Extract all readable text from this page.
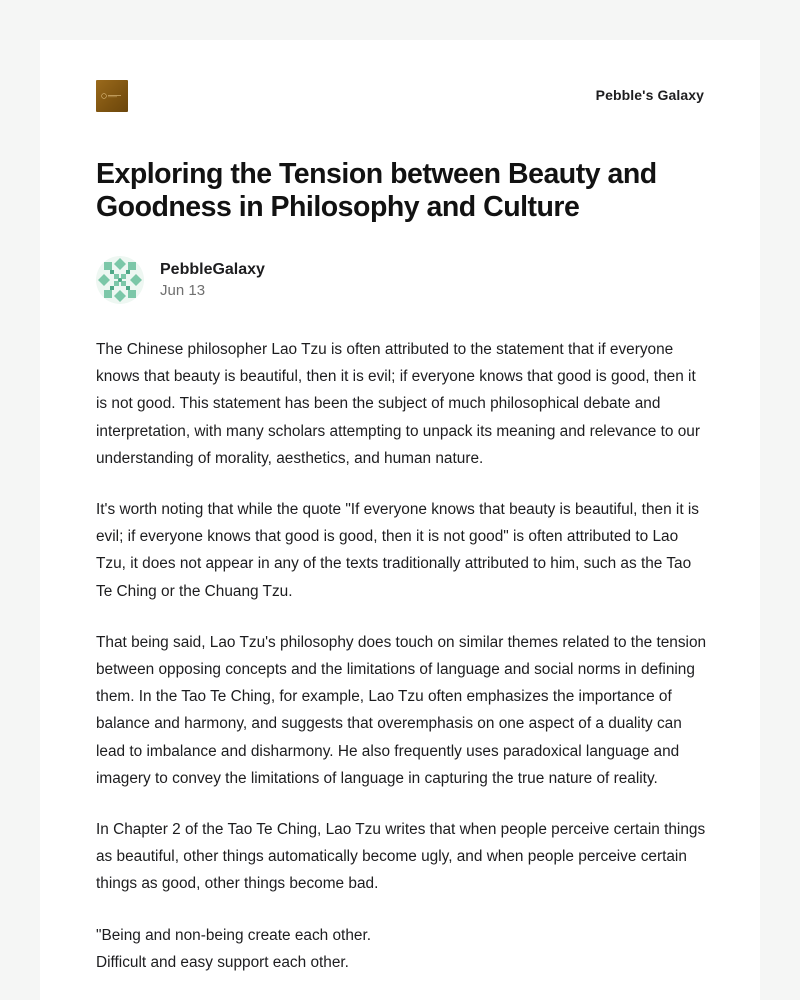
Pebble's Galaxy
Exploring the Tension between Beauty and Goodness in Philosophy and Culture
PebbleGalaxy
Jun 13

The Chinese philosopher Lao Tzu is often attributed to the statement that if everyone knows that beauty is beautiful, then it is evil; if everyone knows that good is good, then it is not good. This statement has been the subject of much philosophical debate and interpretation, with many scholars attempting to unpack its meaning and relevance to our understanding of morality, aesthetics, and human nature.

It's worth noting that while the quote "If everyone knows that beauty is beautiful, then it is evil; if everyone knows that good is good, then it is not good" is often attributed to Lao Tzu, it does not appear in any of the texts traditionally attributed to him, such as the Tao Te Ching or the Chuang Tzu.

That being said, Lao Tzu's philosophy does touch on similar themes related to the tension between opposing concepts and the limitations of language and social norms in defining them. In the Tao Te Ching, for example, Lao Tzu often emphasizes the importance of balance and harmony, and suggests that overemphasis on one aspect of a duality can lead to imbalance and disharmony. He also frequently uses paradoxical language and imagery to convey the limitations of language in capturing the true nature of reality.

In Chapter 2 of the Tao Te Ching, Lao Tzu writes that when people perceive certain things as beautiful, other things automatically become ugly, and when people perceive certain things as good, other things become bad.

"Being and non-being create each other.
Difficult and easy support each other.
